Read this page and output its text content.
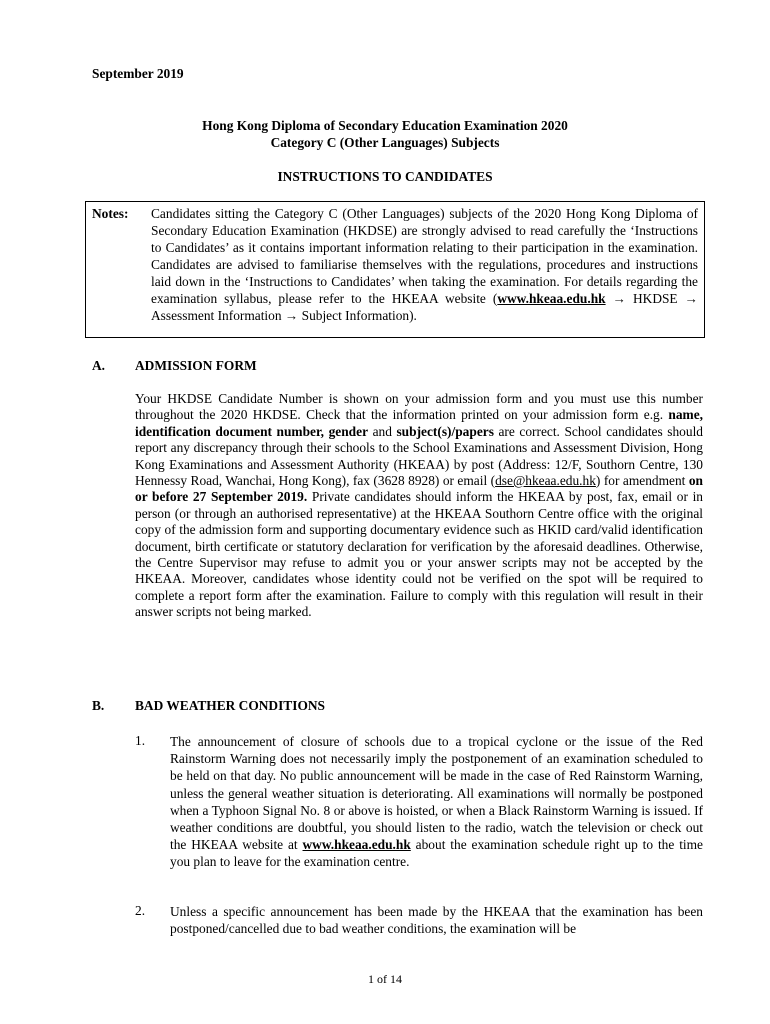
September 2019
Hong Kong Diploma of Secondary Education Examination 2020
Category C (Other Languages) Subjects
INSTRUCTIONS TO CANDIDATES
Notes: Candidates sitting the Category C (Other Languages) subjects of the 2020 Hong Kong Diploma of Secondary Education Examination (HKDSE) are strongly advised to read carefully the ‘Instructions to Candidates’ as it contains important information relating to their participation in the examination. Candidates are advised to familiarise themselves with the regulations, procedures and instructions laid down in the ‘Instructions to Candidates’ when taking the examination. For details regarding the examination syllabus, please refer to the HKEAA website (www.hkeaa.edu.hk → HKDSE → Assessment Information → Subject Information).
A. ADMISSION FORM

Your HKDSE Candidate Number is shown on your admission form and you must use this number throughout the 2020 HKDSE. Check that the information printed on your admission form e.g. name, identification document number, gender and subject(s)/papers are correct. School candidates should report any discrepancy through their schools to the School Examinations and Assessment Division, Hong Kong Examinations and Assessment Authority (HKEAA) by post (Address: 12/F, Southorn Centre, 130 Hennessy Road, Wanchai, Hong Kong), fax (3628 8928) or email (dse@hkeaa.edu.hk) for amendment on or before 27 September 2019. Private candidates should inform the HKEAA by post, fax, email or in person (or through an authorised representative) at the HKEAA Southorn Centre office with the original copy of the admission form and supporting documentary evidence such as HKID card/valid identification document, birth certificate or statutory declaration for verification by the aforesaid deadlines. Otherwise, the Centre Supervisor may refuse to admit you or your answer scripts may not be accepted by the HKEAA. Moreover, candidates whose identity could not be verified on the spot will be required to complete a report form after the examination. Failure to comply with this regulation will result in their answer scripts not being marked.

B. BAD WEATHER CONDITIONS
1. The announcement of closure of schools due to a tropical cyclone or the issue of the Red Rainstorm Warning does not necessarily imply the postponement of an examination scheduled to be held on that day. No public announcement will be made in the case of Red Rainstorm Warning, unless the general weather situation is deteriorating. All examinations will normally be postponed when a Typhoon Signal No. 8 or above is hoisted, or when a Black Rainstorm Warning is issued. If weather conditions are doubtful, you should listen to the radio, watch the television or check out the HKEAA website at www.hkeaa.edu.hk about the examination schedule right up to the time you plan to leave for the examination centre.

2. Unless a specific announcement has been made by the HKEAA that the examination has been postponed/cancelled due to bad weather conditions, the examination will be

1 of 14
